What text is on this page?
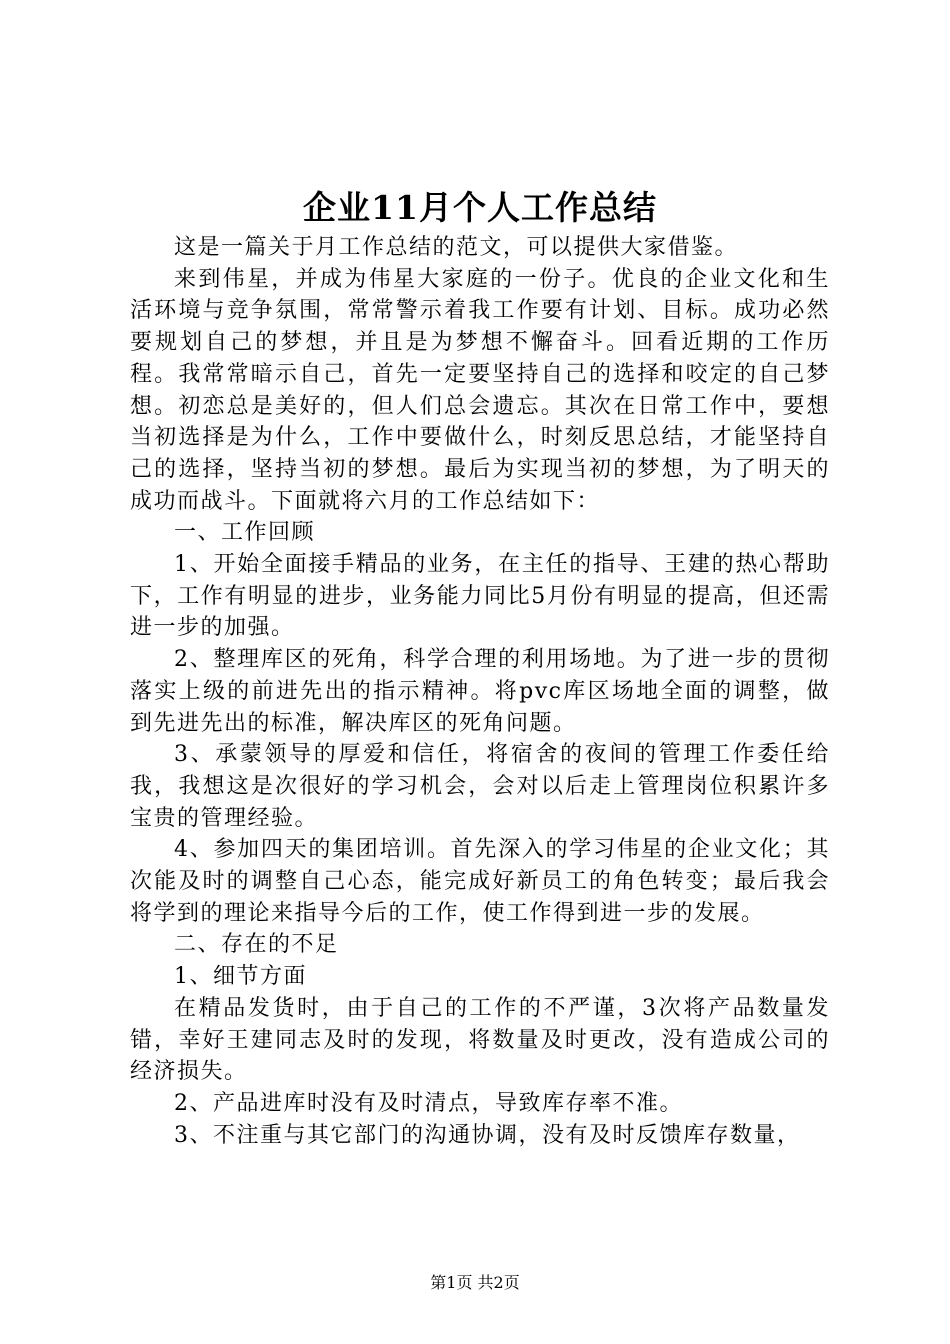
企业11月个人工作总结

这是一篇关于月工作总结的范文，可以提供大家借鉴。

来到伟星，并成为伟星大家庭的一份子。优良的企业文化和生活环境与竞争氛围，常常警示着我工作要有计划、目标。成功必然要规划自己的梦想，并且是为梦想不懈奋斗。回看近期的工作历程。我常常暗示自己，首先一定要坚持自己的选择和咬定的自己梦想。初恋总是美好的，但人们总会遗忘。其次在日常工作中，要想当初选择是为什么，工作中要做什么，时刻反思总结，才能坚持自己的选择，坚持当初的梦想。最后为实现当初的梦想，为了明天的成功而战斗。下面就将六月的工作总结如下：

一、工作回顾

1、开始全面接手精品的业务，在主任的指导、王建的热心帮助下，工作有明显的进步，业务能力同比5月份有明显的提高，但还需进一步的加强。

2、整理库区的死角，科学合理的利用场地。为了进一步的贯彻落实上级的前进先出的指示精神。将pvc库区场地全面的调整，做到先进先出的标准，解决库区的死角问题。

3、承蒙领导的厚爱和信任，将宿舍的夜间的管理工作委任给我，我想这是次很好的学习机会，会对以后走上管理岗位积累许多宝贵的管理经验。

4、参加四天的集团培训。首先深入的学习伟星的企业文化；其次能及时的调整自己心态，能完成好新员工的角色转变；最后我会将学到的理论来指导今后的工作，使工作得到进一步的发展。

二、存在的不足

1、细节方面

在精品发货时，由于自己的工作的不严谨，3次将产品数量发错，幸好王建同志及时的发现，将数量及时更改，没有造成公司的经济损失。

2、产品进库时没有及时清点，导致库存率不准。

3、不注重与其它部门的沟通协调，没有及时反馈库存数量，

第1页 共2页
